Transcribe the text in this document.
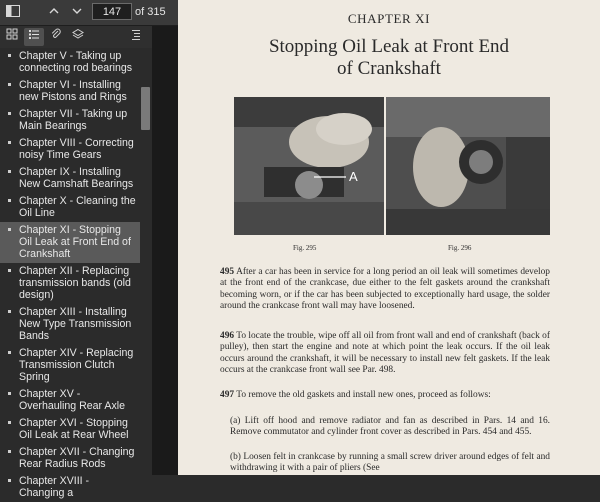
147
of 315
Chapter V - Taking up connecting rod bearings
Chapter VI - Installing new Pistons and Rings
Chapter VII - Taking up Main Bearings
Chapter VIII - Correcting noisy Time Gears
Chapter IX - Installing New Camshaft Bearings
Chapter X - Cleaning the Oil Line
Chapter XI - Stopping Oil Leak at Front End of Crankshaft
Chapter XII - Replacing transmission bands (old design)
Chapter XIII - Installing New Type Transmission Bands
Chapter XIV - Replacing Transmission Clutch Spring
Chapter XV - Overhauling Rear Axle
Chapter XVI - Stopping Oil Leak at Rear Wheel
Chapter XVII - Changing Rear Radius Rods
Chapter XVIII - Changing a
CHAPTER XI
Stopping Oil Leak at Front End
of Crankshaft
A
Fig. 295	Fig. 296
495 After a car has been in service for a long period an oil leak will sometimes develop at the front end of the crankcase, due either to the felt gaskets around the crankshaft becoming worn, or if the car has been subjected to exceptionally hard usage, the solder around the crankcase front wall may have loosened.
496 To locate the trouble, wipe off all oil from front wall and end of crankshaft (back of pulley), then start the engine and note at which point the leak occurs. If the oil leak occurs around the crankshaft, it will be necessary to install new felt gaskets. If the leak occurs at the crankcase front wall see Par. 498.
497 To remove the old gaskets and install new ones, proceed as follows:
(a) Lift off hood and remove radiator and fan as described in Pars. 14 and 16. Remove commutator and cylinder front cover as described in Pars. 454 and 455.
(b) Loosen felt in crankcase by running a small screw driver around edges of felt and withdrawing it with a pair of pliers (See
